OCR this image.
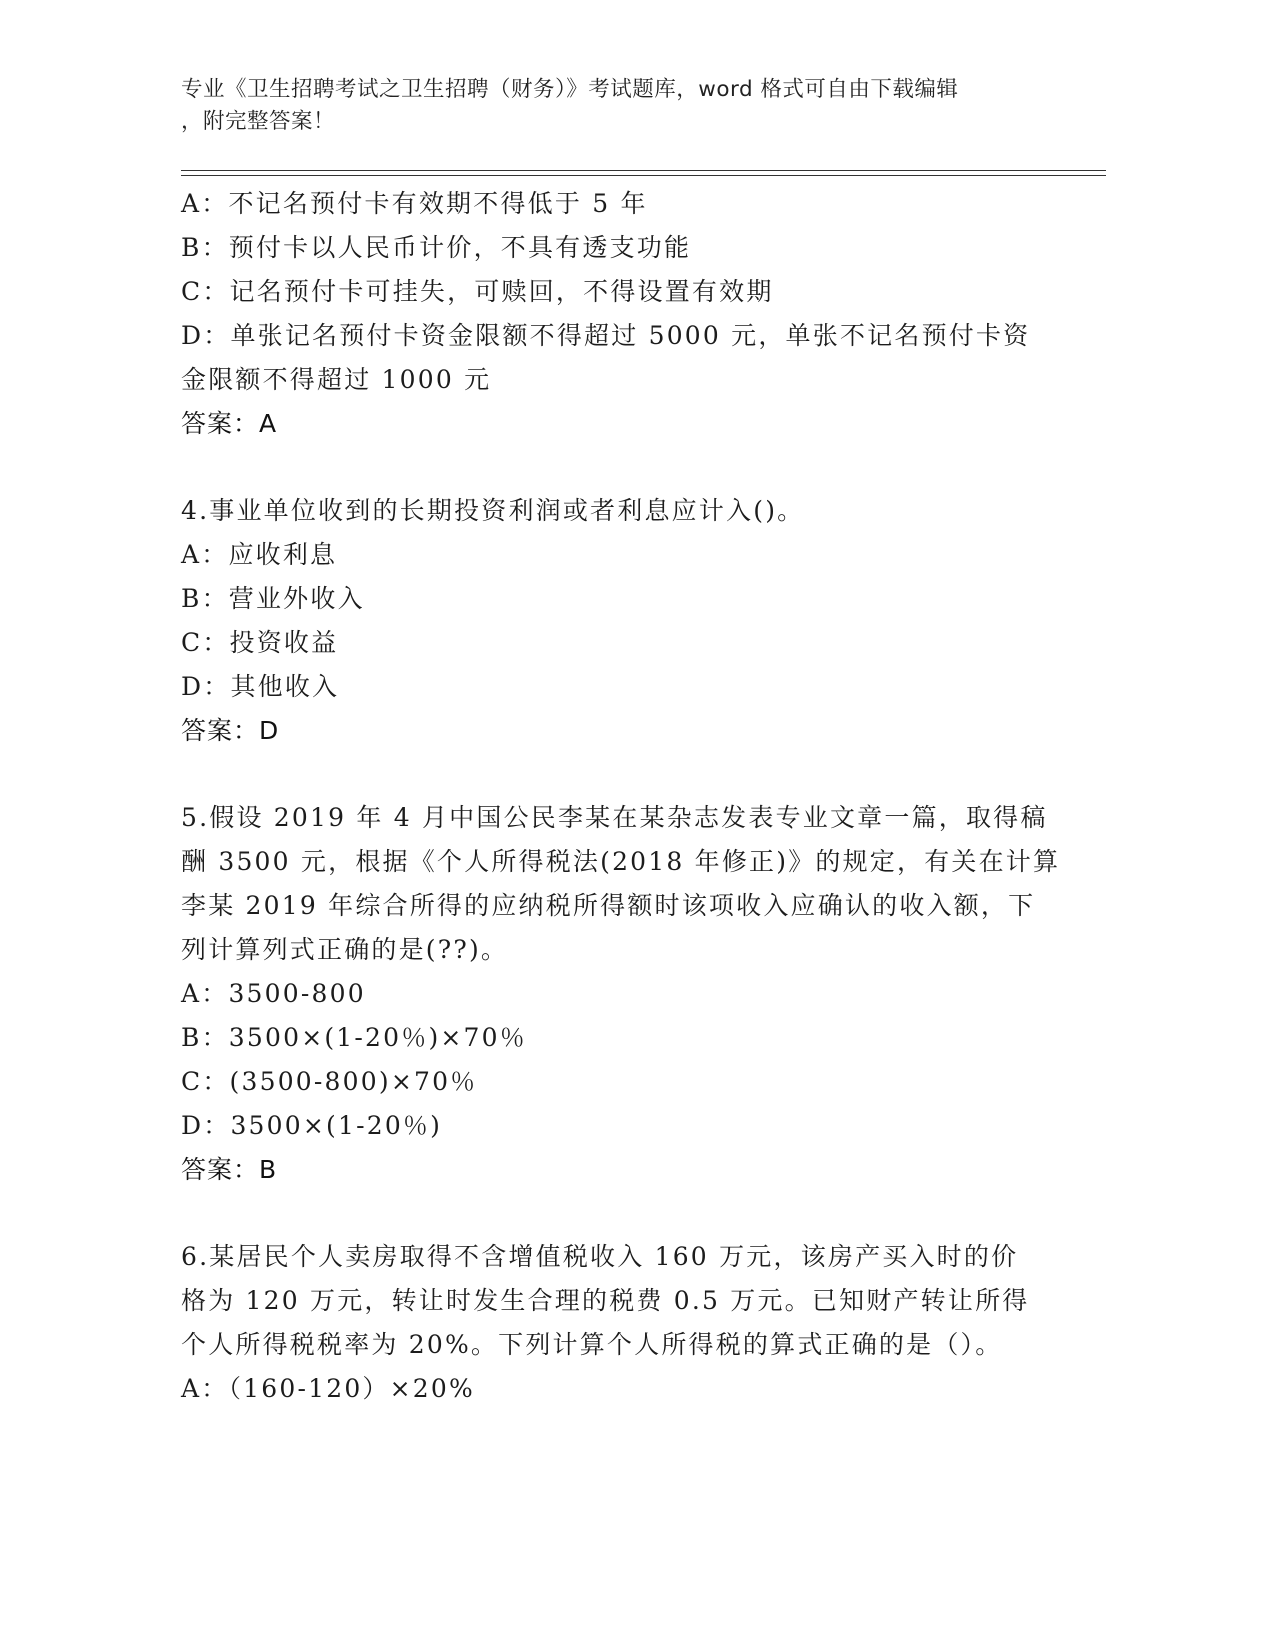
专业《卫生招聘考试之卫生招聘（财务）》考试题库，word 格式可自由下载编辑
，附完整答案！
A：不记名预付卡有效期不得低于 5 年
B：预付卡以人民币计价，不具有透支功能
C：记名预付卡可挂失，可赎回，不得设置有效期
D：单张记名预付卡资金限额不得超过 5000 元，单张不记名预付卡资
金限额不得超过 1000 元
答案：A
4.事业单位收到的长期投资利润或者利息应计入()。
A：应收利息
B：营业外收入
C：投资收益
D：其他收入
答案：D
5.假设 2019 年 4 月中国公民李某在某杂志发表专业文章一篇，取得稿
酬 3500 元，根据《个人所得税法(2018 年修正)》的规定，有关在计算
李某 2019 年综合所得的应纳税所得额时该项收入应确认的收入额，下
列计算列式正确的是(??)。
A：3500-800
B：3500×(1-20％)×70％
C：(3500-800)×70％
D：3500×(1-20％)
答案：B
6.某居民个人卖房取得不含增值税收入 160 万元，该房产买入时的价
格为 120 万元，转让时发生合理的税费 0.5 万元。已知财产转让所得
个人所得税税率为 20%。下列计算个人所得税的算式正确的是（）。
A：（160-120）×20%
